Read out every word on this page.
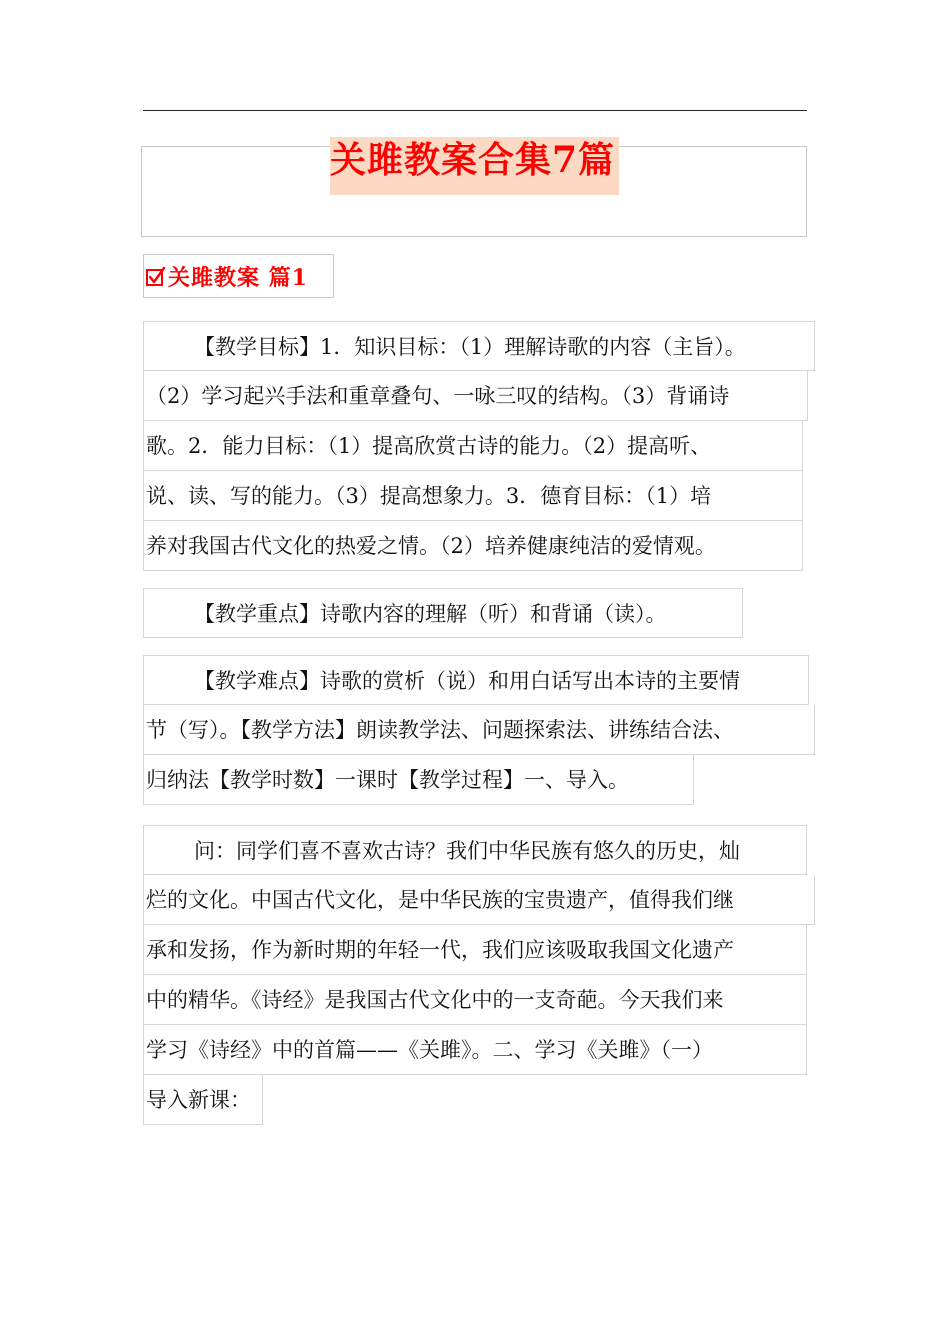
关雎教案合集7篇
关雎教案 篇1
【教学目标】1．知识目标：（1）理解诗歌的内容（主旨）。
（2）学习起兴手法和重章叠句、一咏三叹的结构。（3）背诵诗
歌。2．能力目标：（1）提高欣赏古诗的能力。（2）提高听、
说、读、写的能力。（3）提高想象力。3．德育目标：（1）培
养对我国古代文化的热爱之情。（2）培养健康纯洁的爱情观。
【教学重点】诗歌内容的理解（听）和背诵（读）。
【教学难点】诗歌的赏析（说）和用白话写出本诗的主要情
节（写）。【教学方法】朗读教学法、问题探索法、讲练结合法、
归纳法【教学时数】一课时【教学过程】一、导入。
问：同学们喜不喜欢古诗？我们中华民族有悠久的历史，灿
烂的文化。中国古代文化，是中华民族的宝贵遗产，值得我们继
承和发扬，作为新时期的年轻一代，我们应该吸取我国文化遗产
中的精华。《诗经》是我国古代文化中的一支奇葩。今天我们来
学习《诗经》中的首篇——《关雎》。二、学习《关雎》（一）
导入新课：
